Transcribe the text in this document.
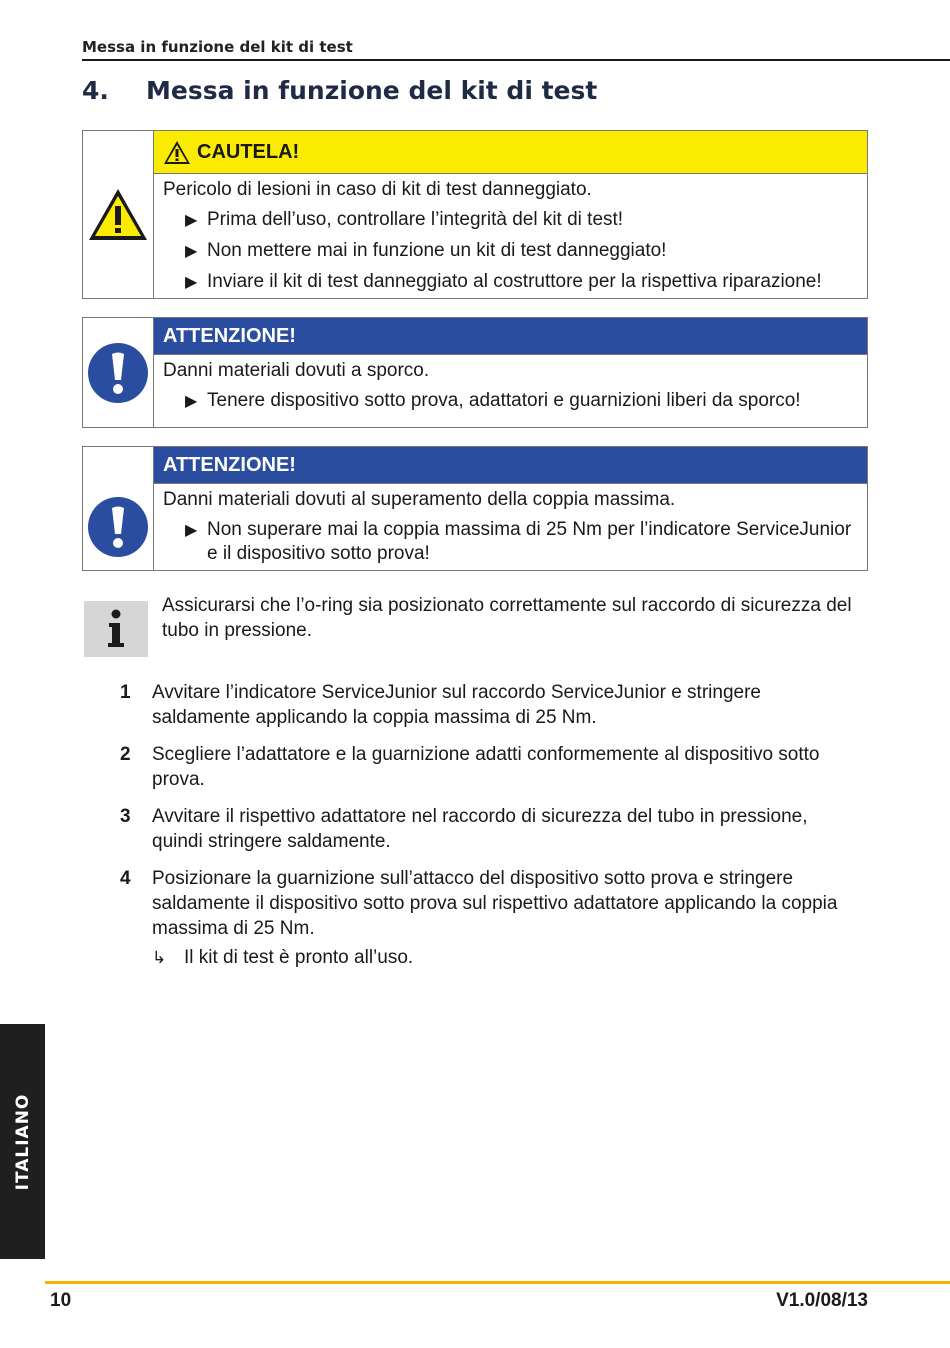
Messa in funzione del kit di test
4. Messa in funzione del kit di test
CAUTELA!
Pericolo di lesioni in caso di kit di test danneggiato.
▶ Prima dell’uso, controllare l’integrità del kit di test!
▶ Non mettere mai in funzione un kit di test danneggiato!
▶ Inviare il kit di test danneggiato al costruttore per la rispettiva riparazione!
ATTENZIONE!
Danni materiali dovuti a sporco.
▶ Tenere dispositivo sotto prova, adattatori e guarnizioni liberi da sporco!
ATTENZIONE!
Danni materiali dovuti al superamento della coppia massima.
▶ Non superare mai la coppia massima di 25 Nm per l’indicatore ServiceJunior e il dispositivo sotto prova!
Assicurarsi che l’o-ring sia posizionato correttamente sul raccordo di sicurezza del tubo in pressione.
1	Avvitare l’indicatore ServiceJunior sul raccordo ServiceJunior e stringere saldamente applicando la coppia massima di 25 Nm.
2	Scegliere l’adattatore e la guarnizione adatti conformemente al dispositivo sotto prova.
3	Avvitare il rispettivo adattatore nel raccordo di sicurezza del tubo in pressione, quindi stringere saldamente.
4	Posizionare la guarnizione sull’attacco del dispositivo sotto prova e stringere saldamente il dispositivo sotto prova sul rispettivo adattatore applicando la coppia massima di 25 Nm.
↳ Il kit di test è pronto all’uso.
ITALIANO
10	V1.0/08/13
